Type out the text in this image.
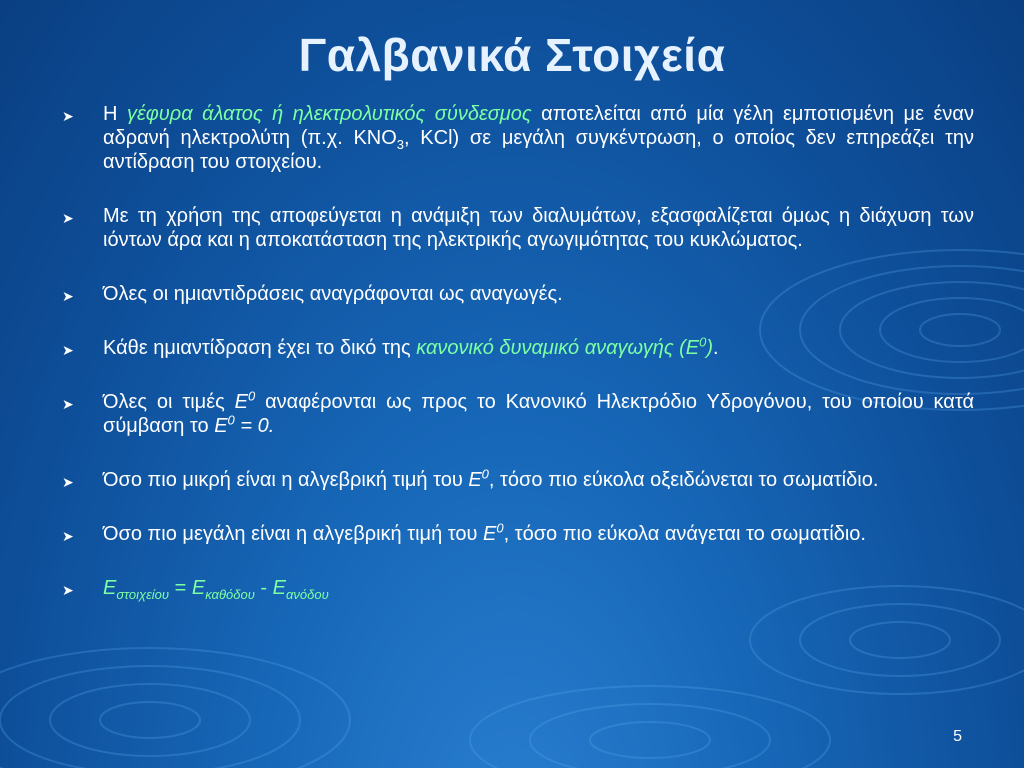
Γαλβανικά Στοιχεία
➤ Η γέφυρα άλατος ή ηλεκτρολυτικός σύνδεσμος αποτελείται από μία γέλη εμποτισμένη με έναν αδρανή ηλεκτρολύτη (π.χ. $KNO_3$, KCl) σε μεγάλη συγκέντρωση, ο οποίος δεν επηρεάζει την αντίδραση του στοιχείου.
➤ Με τη χρήση της αποφεύγεται η ανάμιξη των διαλυμάτων, εξασφαλίζεται όμως η διάχυση των ιόντων άρα και η αποκατάσταση της ηλεκτρικής αγωγιμότητας του κυκλώματος.
➤ Όλες οι ημιαντιδράσεις αναγράφονται ως αναγωγές.
➤ Κάθε ημιαντίδραση έχει το δικό της κανονικό δυναμικό αναγωγής $(E^0)$.
➤ Όλες οι τιμές $E^0$ αναφέρονται ως προς το Κανονικό Ηλεκτρόδιο Υδρογόνου, του οποίου κατά σύμβαση το $E^0 = 0$.
➤ Όσο πιο μικρή είναι η αλγεβρική τιμή του $E^0$, τόσο πιο εύκολα οξειδώνεται το σωματίδιο.
➤ Όσο πιο μεγάλη είναι η αλγεβρική τιμή του $E^0$, τόσο πιο εύκολα ανάγεται το σωματίδιο.
➤ $E_{\sigma\tau o\iota\chi\varepsilon ίo\upsilon} = E_{\kappa\alpha\theta ό\delta o\upsilon} - E_{\alpha\nu ό\delta o\upsilon}$
5
